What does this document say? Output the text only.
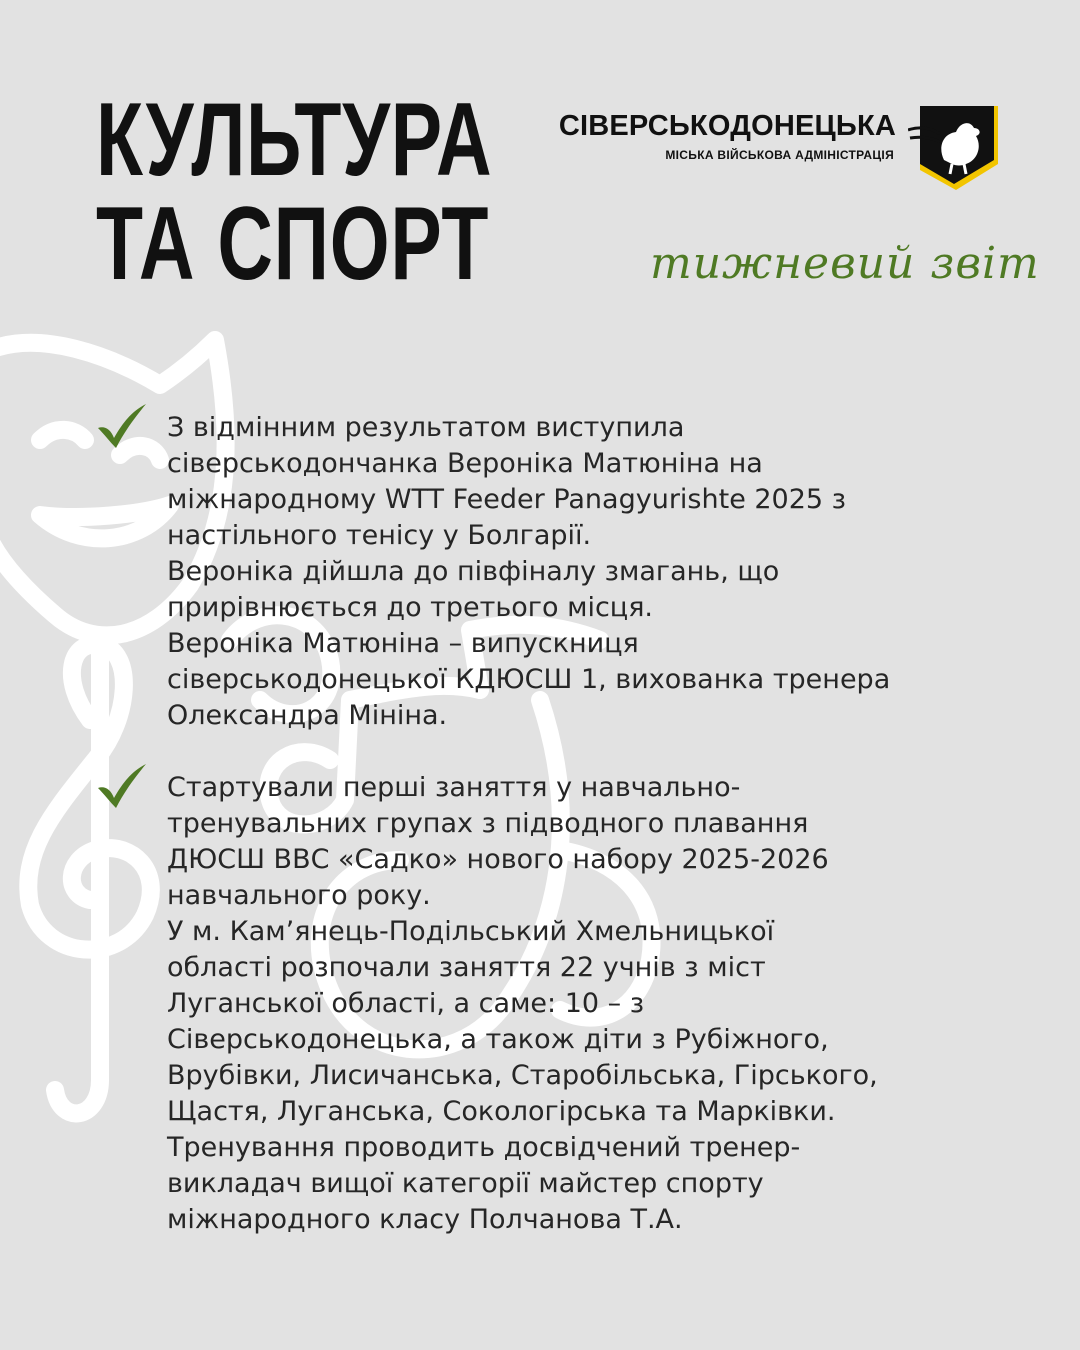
КУЛЬТУРА
ТА СПОРТ

СІВЕРСЬКОДОНЕЦЬКА

МІСЬКА ВІЙСЬКОВА АДМІНІСТРАЦІЯ

тижневий звіт

З відмінним результатом виступила
сіверськодончанка Вероніка Матюніна на
міжнародному WTT Feeder Panagyurishte 2025 з
настільного тенісу у Болгарії.
Вероніка дійшла до півфіналу змагань, що
прирівнюється до третього місця.
Вероніка Матюніна – випускниця
сіверськодонецької КДЮСШ 1, вихованка тренера
Олександра Мініна.

Стартували перші заняття у навчально-
тренувальних групах з підводного плавання
ДЮСШ ВВС «Садко» нового набору 2025-2026
навчального року.
У м. Кам’янець-Подільський Хмельницької
області розпочали заняття 22 учнів з міст
Луганської області, а саме: 10 – з
Сіверськодонецька, а також діти з Рубіжного,
Врубівки, Лисичанська, Старобільська, Гірського,
Щастя, Луганська, Сокологірська та Марківки.
Тренування проводить досвідчений тренер-
викладач вищої категорії майстер спорту
міжнародного класу Полчанова Т.А.
